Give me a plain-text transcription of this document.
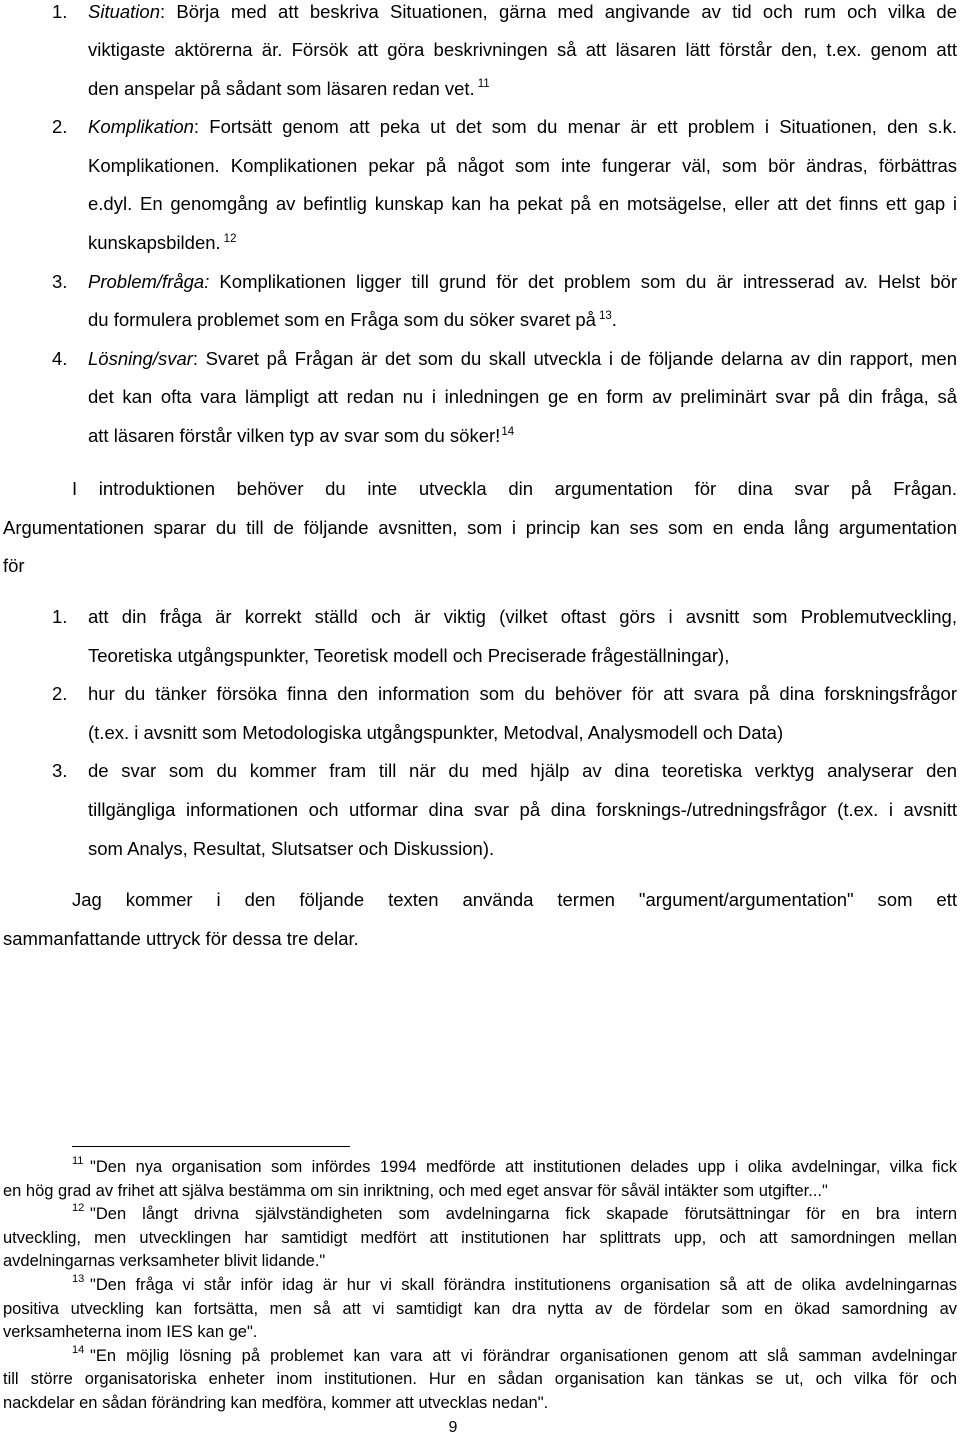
1. Situation: Börja med att beskriva Situationen, gärna med angivande av tid och rum och vilka de
viktigaste aktörerna är. Försök att göra beskrivningen så att läsaren lätt förstår den, t.ex. genom att
den anspelar på sådant som läsaren redan vet. $^{11}$
2. Komplikation: Fortsätt genom att peka ut det som du menar är ett problem i Situationen, den s.k.
Komplikationen. Komplikationen pekar på något som inte fungerar väl, som bör ändras, förbättras
e.dyl. En genomgång av befintlig kunskap kan ha pekat på en motsägelse, eller att det finns ett gap i
kunskapsbilden. $^{12}$
3. Problem/fråga: Komplikationen ligger till grund för det problem som du är intresserad av. Helst bör
du formulera problemet som en Fråga som du söker svaret på $^{13}$.
4. Lösning/svar: Svaret på Frågan är det som du skall utveckla i de följande delarna av din rapport, men
det kan ofta vara lämpligt att redan nu i inledningen ge en form av preliminärt svar på din fråga, så
att läsaren förstår vilken typ av svar som du söker!$^{14}$
I introduktionen behöver du inte utveckla din argumentation för dina svar på Frågan.
Argumentationen sparar du till de följande avsnitten, som i princip kan ses som en enda lång argumentation
för
1. att din fråga är korrekt ställd och är viktig (vilket oftast görs i avsnitt som Problemutveckling,
Teoretiska utgångspunkter, Teoretisk modell och Preciserade frågeställningar),
2. hur du tänker försöka finna den information som du behöver för att svara på dina forskningsfrågor
(t.ex. i avsnitt som Metodologiska utgångspunkter, Metodval, Analysmodell och Data)
3. de svar som du kommer fram till när du med hjälp av dina teoretiska verktyg analyserar den
tillgängliga informationen och utformar dina svar på dina forsknings-/utredningsfrågor (t.ex. i avsnitt
som Analys, Resultat, Slutsatser och Diskussion).
Jag kommer i den följande texten använda termen "argument/argumentation" som ett
sammanfattande uttryck för dessa tre delar.
11 "Den nya organisation som infördes 1994 medförde att institutionen delades upp i olika avdelningar, vilka fick
en hög grad av frihet att själva bestämma om sin inriktning, och med eget ansvar för såväl intäkter som utgifter..."
12 "Den långt drivna självständigheten som avdelningarna fick skapade förutsättningar för en bra intern
utveckling, men utvecklingen har samtidigt medfört att institutionen har splittrats upp, och att samordningen mellan
avdelningarnas verksamheter blivit lidande."
13 "Den fråga vi står inför idag är hur vi skall förändra institutionens organisation så att de olika avdelningarnas
positiva utveckling kan fortsätta, men så att vi samtidigt kan dra nytta av de fördelar som en ökad samordning av
verksamheterna inom IES kan ge".
14 "En möjlig lösning på problemet kan vara att vi förändrar organisationen genom att slå samman avdelningar
till större organisatoriska enheter inom institutionen. Hur en sådan organisation kan tänkas se ut, och vilka för och
nackdelar en sådan förändring kan medföra, kommer att utvecklas nedan".
9
